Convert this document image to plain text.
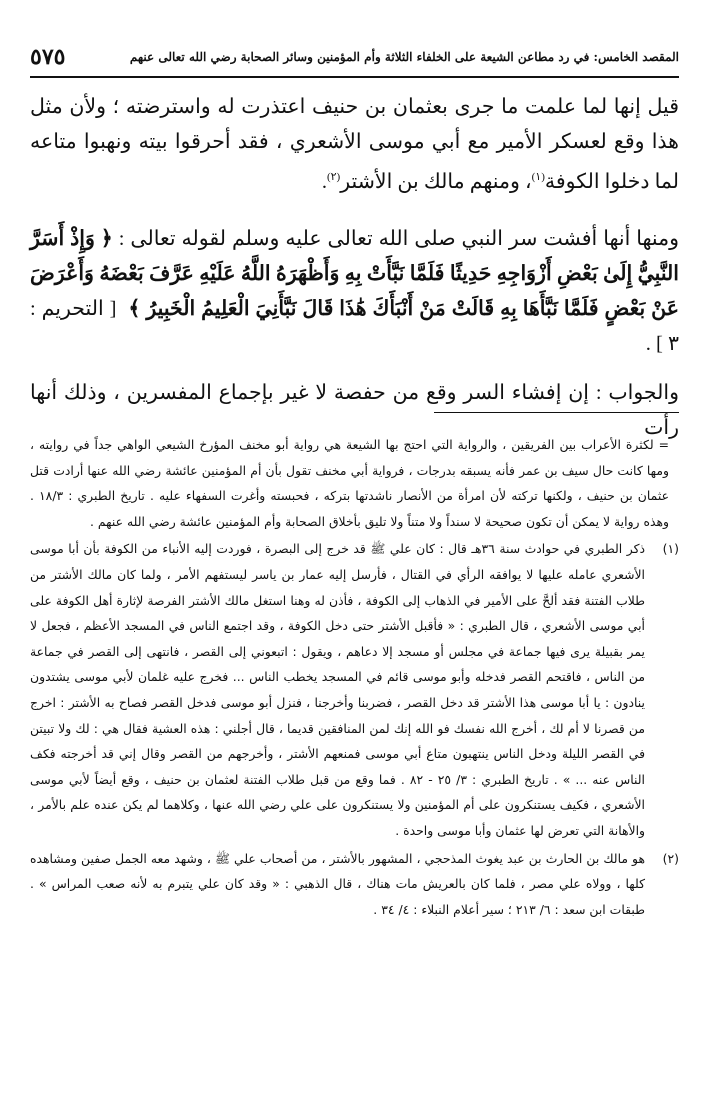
المقصد الخامس: في رد مطاعن الشيعة على الخلفاء الثلاثة وأم المؤمنين وسائر الصحابة رضي الله تعالى عنهم
٥٧٥

قيل إنها لما علمت ما جرى بعثمان بن حنيف اعتذرت له واسترضته ؛ ولأن مثل هذا وقع لعسكر الأمير مع أبي موسى الأشعري ، فقد أحرقوا بيته ونهبوا متاعه لما دخلوا الكوفة$^{(١)}$، ومنهم مالك بن الأشتر$^{(٢)}$.

ومنها أنها أفشت سر النبي صلى الله تعالى عليه وسلم لقوله تعالى : ﴿ وَإِذْ أَسَرَّ النَّبِيُّ إِلَىٰ بَعْضِ أَزْوَاجِهِ حَدِيثًا فَلَمَّا نَبَّأَتْ بِهِ وَأَظْهَرَهُ اللَّهُ عَلَيْهِ عَرَّفَ بَعْضَهُ وَأَعْرَضَ عَنْ بَعْضٍ فَلَمَّا نَبَّأَهَا بِهِ قَالَتْ مَنْ أَنْبَأَكَ هَٰذَا قَالَ نَبَّأَنِيَ الْعَلِيمُ الْخَبِيرُ ﴾ [ التحريم : ٣ ] .

والجواب : إن إفشاء السر وقع من حفصة لا غير بإجماع المفسرين ، وذلك أنها رأت

= لكثرة الأعراب بين الفريقين ، والرواية التي احتج بها الشيعة هي رواية أبو مخنف المؤرخ الشيعي الواهي جداً في روايته ، ومها كانت حال سيف بن عمر فأنه يسبقه بدرجات ، فرواية أبي مخنف تقول بأن أم المؤمنين عائشة رضي الله عنها أرادت قتل عثمان بن حنيف ، ولكنها تركته لأن امرأة من الأنصار ناشدتها بتركه ، فحبسته وأغرت السفهاء عليه . تاريخ الطبري : ١٨/٣ . وهذه رواية لا يمكن أن تكون صحيحة لا سنداً ولا متناً ولا تليق بأخلاق الصحابة وأم المؤمنين عائشة رضي الله عنهم .
(١)
ذكر الطبري في حوادث سنة ٣٦هـ قال : كان علي ﷺ قد خرج إلى البصرة ، فوردت إليه الأنباء من الكوفة بأن أبا موسى الأشعري عامله عليها لا يوافقه الرأي في القتال ، فأرسل إليه عمار بن ياسر ليستفهم الأمر ، ولما كان مالك الأشتر من طلاب الفتنة فقد ألحَّ على الأمير في الذهاب إلى الكوفة ، فأذن له وهنا استغل مالك الأشتر الفرصة لإثارة أهل الكوفة على أبي موسى الأشعري ، قال الطبري : « فأقبل الأشتر حتى دخل الكوفة ، وقد اجتمع الناس في المسجد الأعظم ، فجعل لا يمر بقبيلة يرى فيها جماعة في مجلس أو مسجد إلا دعاهم ، ويقول : اتبعوني إلى القصر ، فانتهى إلى القصر في جماعة من الناس ، فاقتحم القصر فدخله وأبو موسى قائم في المسجد يخطب الناس ... فخرج عليه غلمان لأبي موسى يشتدون ينادون : يا أبا موسى هذا الأشتر قد دخل القصر ، فضربنا وأخرجنا ، فنزل أبو موسى فدخل القصر فصاح به الأشتر : اخرج من قصرنا لا أم لك ، أخرج الله نفسك فو الله إنك لمن المنافقين قديما ، قال أجلني : هذه العشية فقال هي : لك ولا تبيتن في القصر الليلة ودخل الناس ينتهبون متاع أبي موسى فمنعهم الأشتر ، وأخرجهم من القصر وقال إني قد أخرجته فكف الناس عنه ... » . تاريخ الطبري : ٣/ ٢٥ - ٨٢ . فما وقع من قبل طلاب الفتنة لعثمان بن حنيف ، وقع أيضاً لأبي موسى الأشعري ، فكيف يستنكرون على أم المؤمنين ولا يستنكرون على علي رضي الله عنها ، وكلاهما لم يكن عنده علم بالأمر ، والأهانة التي تعرض لها عثمان وأبا موسى واحدة .
(٢)
هو مالك بن الحارث بن عبد يغوث المذحجي ، المشهور بالأشتر ، من أصحاب علي ﷺ ، وشهد معه الجمل صفين ومشاهده كلها ، وولاه علي مصر ، فلما كان بالعريش مات هناك ، قال الذهبي : « وقد كان علي يتبرم به لأنه صعب المراس » . طبقات ابن سعد : ٦/ ٢١٣ ؛ سير أعلام النبلاء : ٤/ ٣٤ .
